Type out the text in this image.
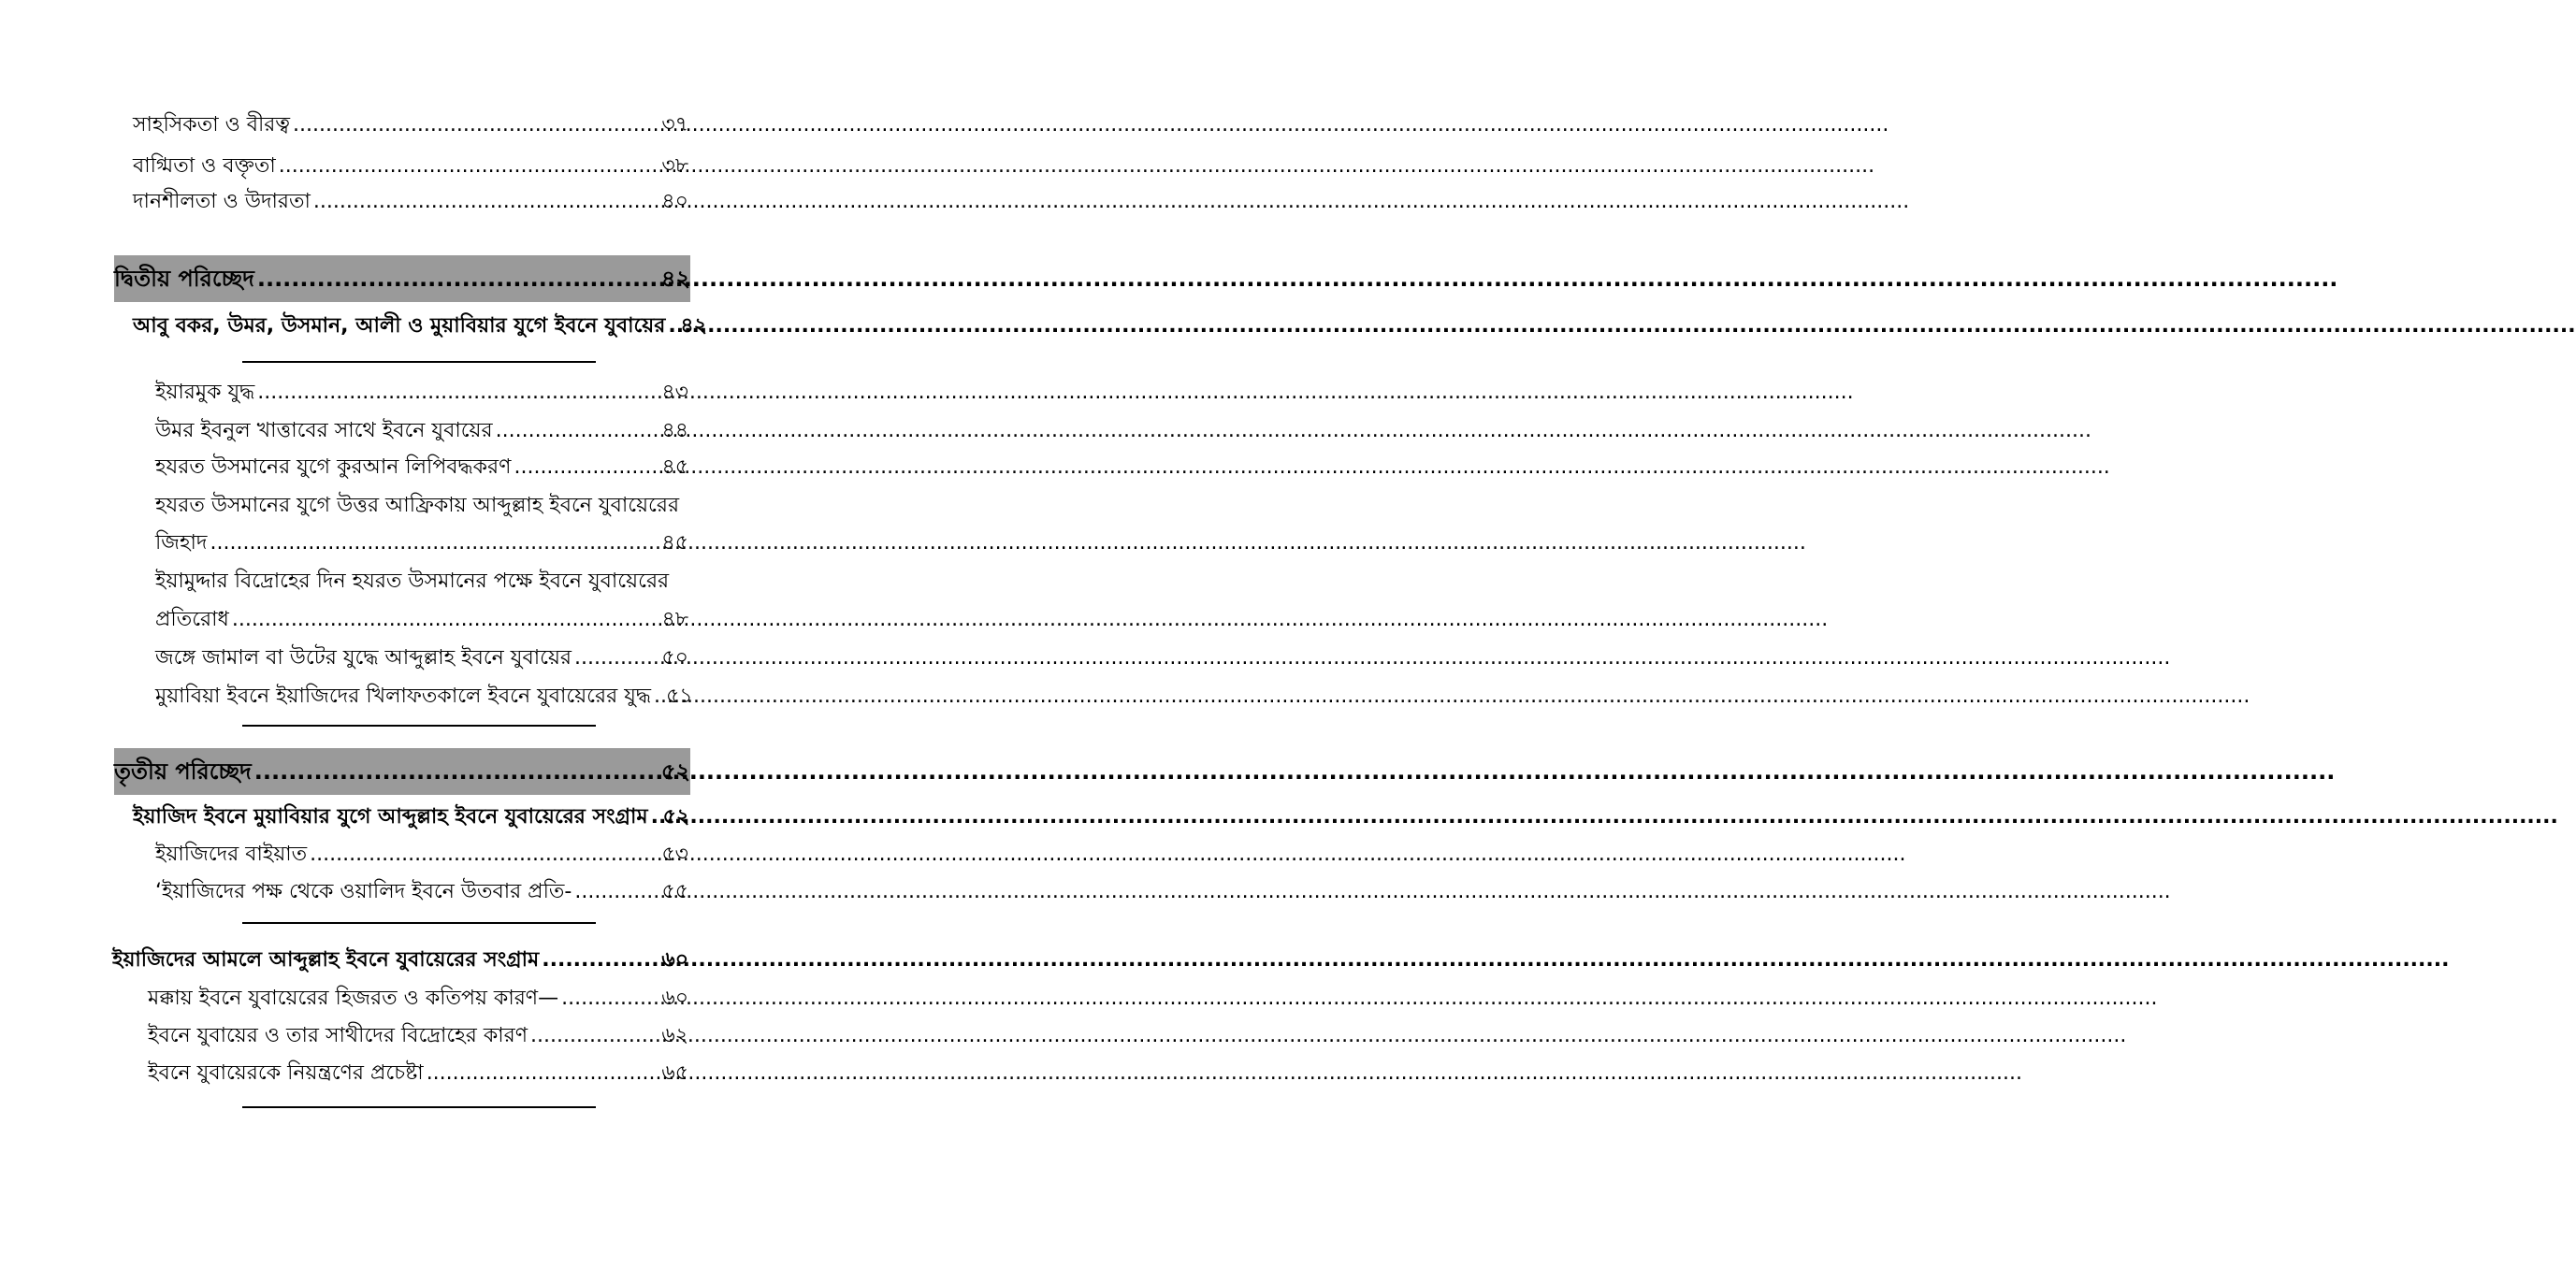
সাহসিকতা ও বীরত্ব .....	৩৭
বাগ্মিতা ও বক্তৃতা .....	৩৮
দানশীলতা ও উদারতা .....	৪০
দ্বিতীয় পরিচ্ছেদ .....	৪২
আবু বকর, উমর, উসমান, আলী ও মুয়াবিয়ার যুগে ইবনে যুবায়ের ..... ৪২
ইয়ারমুক যুদ্ধ .....	৪৩
উমর ইবনুল খাত্তাবের সাথে ইবনে যুবায়ের .....	৪৪
হযরত উসমানের যুগে কুরআন লিপিবদ্ধকরণ .....	৪৫
হযরত উসমানের যুগে উত্তর আফ্রিকায় আব্দুল্লাহ ইবনে যুবায়েরের
জিহাদ .....	৪৫
ইয়ামুদ্দার বিদ্রোহের দিন হযরত উসমানের পক্ষে ইবনে যুবায়েরের
প্রতিরোধ .....	৪৮
জঙ্গে জামাল বা উটের যুদ্ধে আব্দুল্লাহ ইবনে যুবায়ের .....	৫০
মুয়াবিয়া ইবনে ইয়াজিদের খিলাফতকালে ইবনে যুবায়েরের যুদ্ধ ..... ৫১
তৃতীয় পরিচ্ছেদ .....	৫২
ইয়াজিদ ইবনে মুয়াবিয়ার যুগে আব্দুল্লাহ ইবনে যুবায়েরের সংগ্রাম ..... ৫২
ইয়াজিদের বাইয়াত .....	৫৩
‘ইয়াজিদের পক্ষ থেকে ওয়ালিদ ইবনে উতবার প্রতি- .....	৫৫
ইয়াজিদের আমলে আব্দুল্লাহ ইবনে যুবায়েরের সংগ্রাম .....	৬০
মক্কায় ইবনে যুবায়েরের হিজরত ও কতিপয় কারণ— .....	৬০
ইবনে যুবায়ের ও তার সাথীদের বিদ্রোহের কারণ .....	৬২
ইবনে যুবায়েরকে নিয়ন্ত্রণের প্রচেষ্টা .....	৬৫
